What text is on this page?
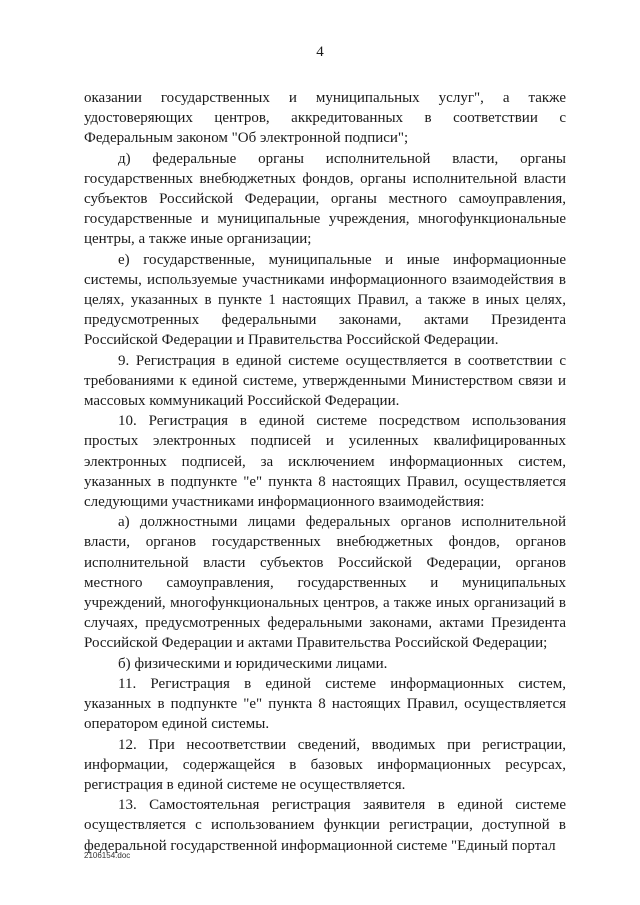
4

оказании государственных и муниципальных услуг", а также удостоверяющих центров, аккредитованных в соответствии с Федеральным законом "Об электронной подписи";

д) федеральные органы исполнительной власти, органы государственных внебюджетных фондов, органы исполнительной власти субъектов Российской Федерации, органы местного самоуправления, государственные и муниципальные учреждения, многофункциональные центры, а также иные организации;

е) государственные, муниципальные и иные информационные системы, используемые участниками информационного взаимодействия в целях, указанных в пункте 1 настоящих Правил, а также в иных целях, предусмотренных федеральными законами, актами Президента Российской Федерации и Правительства Российской Федерации.

9. Регистрация в единой системе осуществляется в соответствии с требованиями к единой системе, утвержденными Министерством связи и массовых коммуникаций Российской Федерации.

10. Регистрация в единой системе посредством использования простых электронных подписей и усиленных квалифицированных электронных подписей, за исключением информационных систем, указанных в подпункте "е" пункта 8 настоящих Правил, осуществляется следующими участниками информационного взаимодействия:

а) должностными лицами федеральных органов исполнительной власти, органов государственных внебюджетных фондов, органов исполнительной власти субъектов Российской Федерации, органов местного самоуправления, государственных и муниципальных учреждений, многофункциональных центров, а также иных организаций в случаях, предусмотренных федеральными законами, актами Президента Российской Федерации и актами Правительства Российской Федерации;

б) физическими и юридическими лицами.

11. Регистрация в единой системе информационных систем, указанных в подпункте "е" пункта 8 настоящих Правил, осуществляется оператором единой системы.

12. При несоответствии сведений, вводимых при регистрации, информации, содержащейся в базовых информационных ресурсах, регистрация в единой системе не осуществляется.

13. Самостоятельная регистрация заявителя в единой системе осуществляется с использованием функции регистрации, доступной в федеральной государственной информационной системе "Единый портал

2106154.doc
